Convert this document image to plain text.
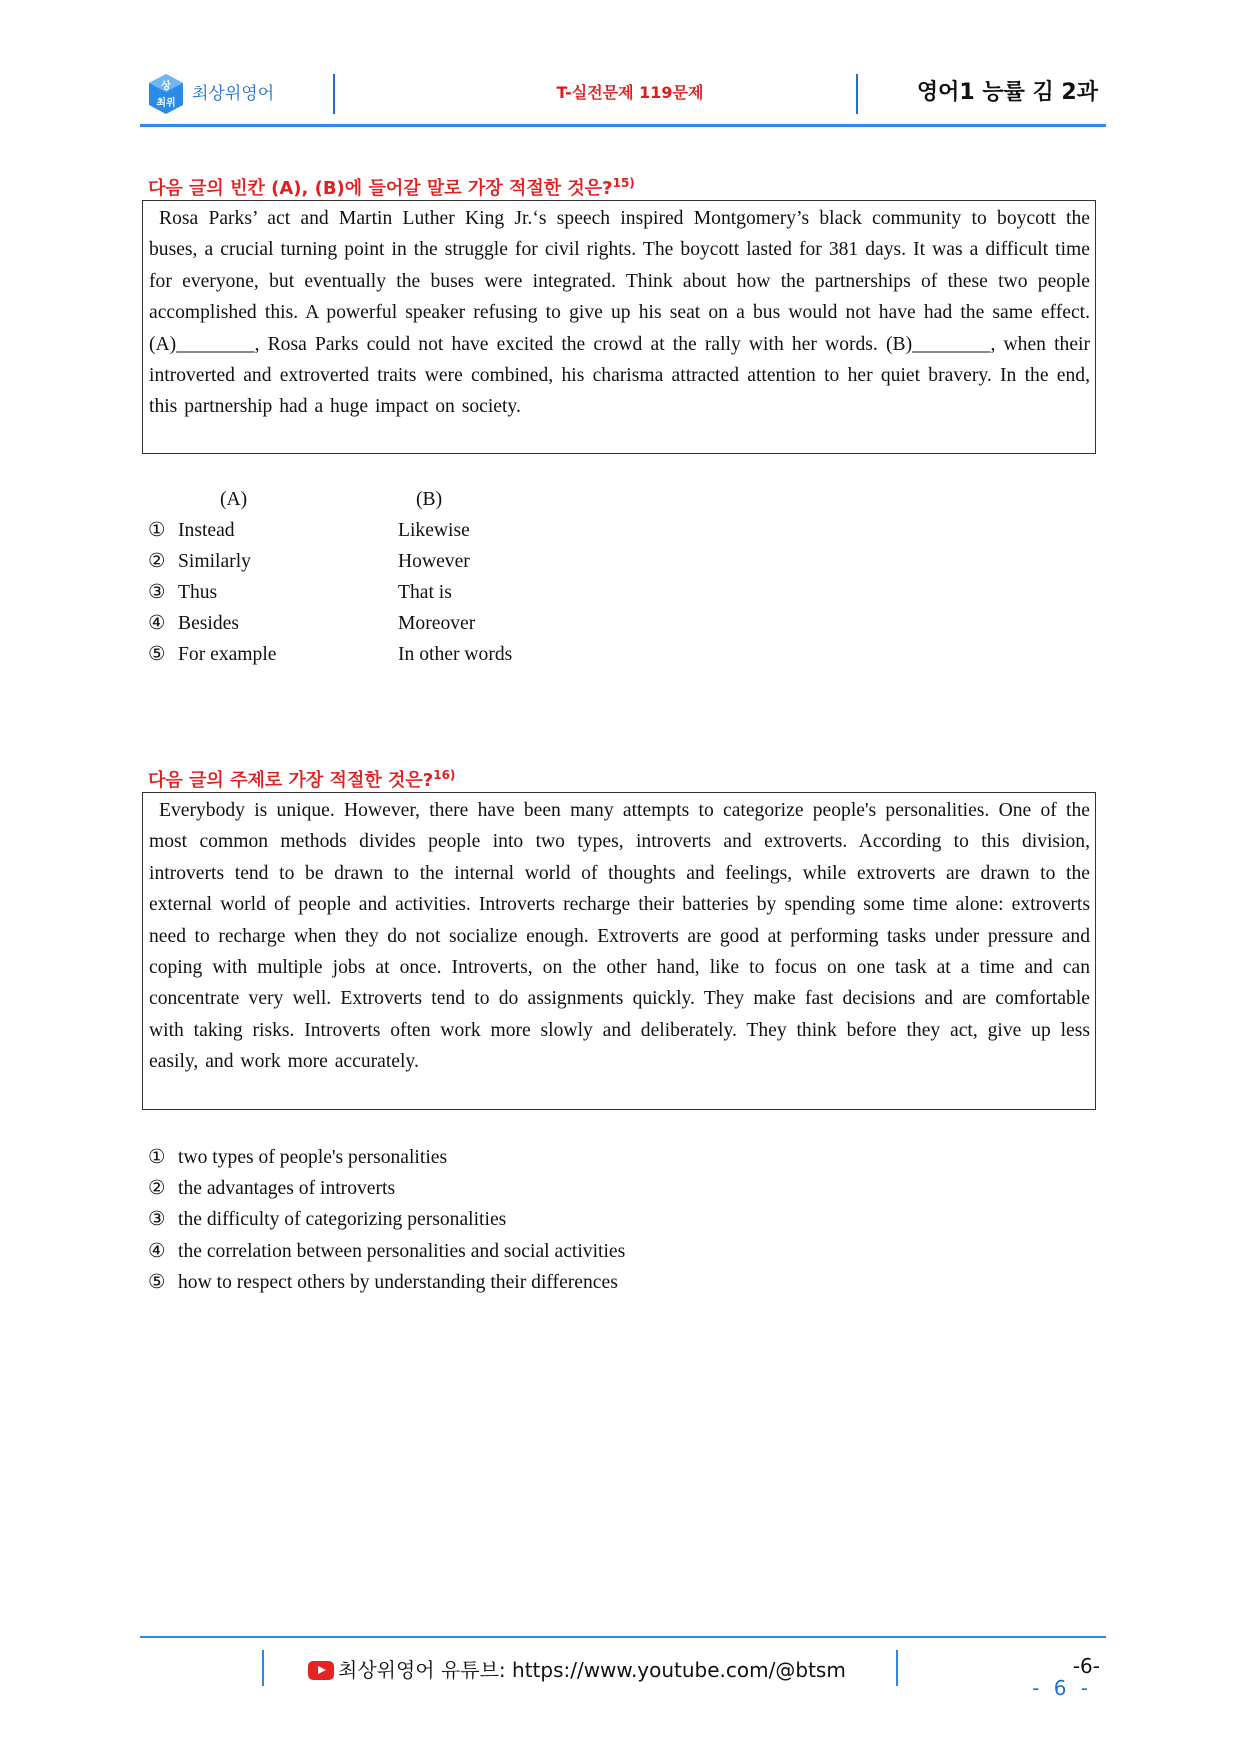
상
최위 최상위영어	T-실전문제 119문제	영어1 능률 김 2과
다음 글의 빈칸 (A), (B)에 들어갈 말로 가장 적절한 것은?$^{15)}$
Rosa Parks’ act and Martin Luther King Jr.‘s speech inspired Montgomery’s black community to boycott the buses, a crucial turning point in the struggle for civil rights. The boycott lasted for 381 days. It was a difficult time for everyone, but eventually the buses were integrated. Think about how the partnerships of these two people accomplished this. A powerful speaker refusing to give up his seat on a bus would not have had the same effect. (A)________, Rosa Parks could not have excited the crowd at the rally with her words. (B)________, when their introverted and extroverted traits were combined, his charisma attracted attention to her quiet bravery. In the end, this partnership had a huge impact on society.
(A)	(B)
① Instead	Likewise
② Similarly	However
③ Thus	That is
④ Besides	Moreover
⑤ For example	In other words
다음 글의 주제로 가장 적절한 것은?$^{16)}$
Everybody is unique. However, there have been many attempts to categorize people's personalities. One of the most common methods divides people into two types, introverts and extroverts. According to this division, introverts tend to be drawn to the internal world of thoughts and feelings, while extroverts are drawn to the external world of people and activities. Introverts recharge their batteries by spending some time alone: extroverts need to recharge when they do not socialize enough. Extroverts are good at performing tasks under pressure and coping with multiple jobs at once. Introverts, on the other hand, like to focus on one task at a time and can concentrate very well. Extroverts tend to do assignments quickly. They make fast decisions and are comfortable with taking risks. Introverts often work more slowly and deliberately. They think before they act, give up less easily, and work more accurately.
① two types of people's personalities
② the advantages of introverts
③ the difficulty of categorizing personalities
④ the correlation between personalities and social activities
⑤ how to respect others by understanding their differences
최상위영어 유튜브: https://www.youtube.com/@btsm	-6-
- 6 -
